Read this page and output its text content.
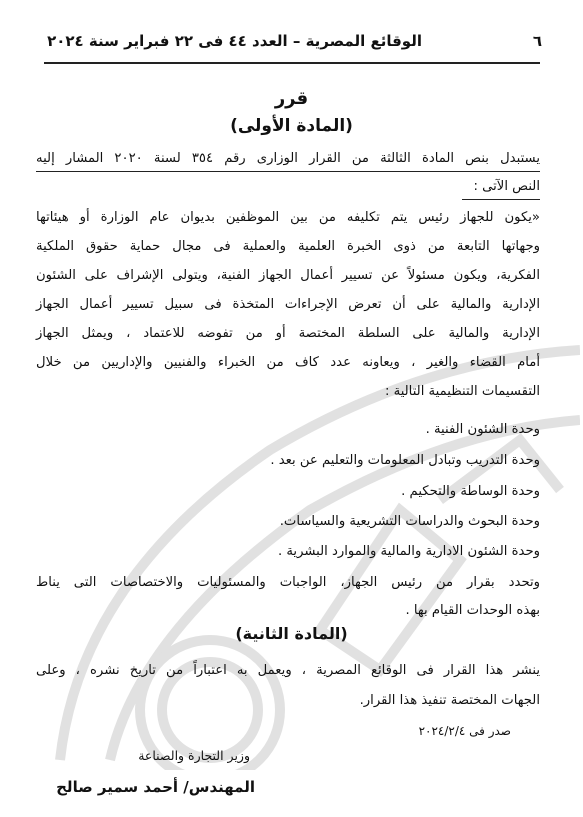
٦
الوقائع المصرية – العدد ٤٤ فى ٢٢ فبراير سنة ٢٠٢٤
قرر
(المادة الأولى)
يستبدل بنص المادة الثالثة من القرار الوزارى رقم ٣٥٤ لسنة ٢٠٢٠ المشار إليه
النص الآتى :
«يكون للجهاز رئيس يتم تكليفه من بين الموظفين بديوان عام الوزارة أو هيئاتها
وجهاتها التابعة من ذوى الخبرة العلمية والعملية فى مجال حماية حقوق الملكية
الفكرية، ويكون مسئولاً عن تسيير أعمال الجهاز الفنية، ويتولى الإشراف على الشئون
الإدارية والمالية على أن تعرض الإجراءات المتخذة فى سبيل تسيير أعمال الجهاز
الإدارية والمالية على السلطة المختصة أو من تفوضه للاعتماد ، ويمثل الجهاز
أمام القضاء والغير ، ويعاونه عدد كاف من الخبراء والفنيين والإداريين من خلال
التقسيمات التنظيمية التالية :
وحدة الشئون الفنية .
وحدة التدريب وتبادل المعلومات والتعليم عن بعد .
وحدة الوساطة والتحكيم .
وحدة البحوث والدراسات التشريعية والسياسات.
وحدة الشئون الادارية والمالية والموارد البشرية .
وتحدد بقرار من رئيس الجهاز، الواجبات والمسئوليات والاختصاصات التى يناط
بهذه الوحدات القيام بها .
(المادة الثانية)
ينشر هذا القرار فى الوقائع المصرية ، ويعمل به اعتباراً من تاريخ نشره ، وعلى
الجهات المختصة تنفيذ هذا القرار.
صدر فى ٢٠٢٤/٢/٤
وزير التجارة والصناعة
المهندس/ أحمد سمير صالح
